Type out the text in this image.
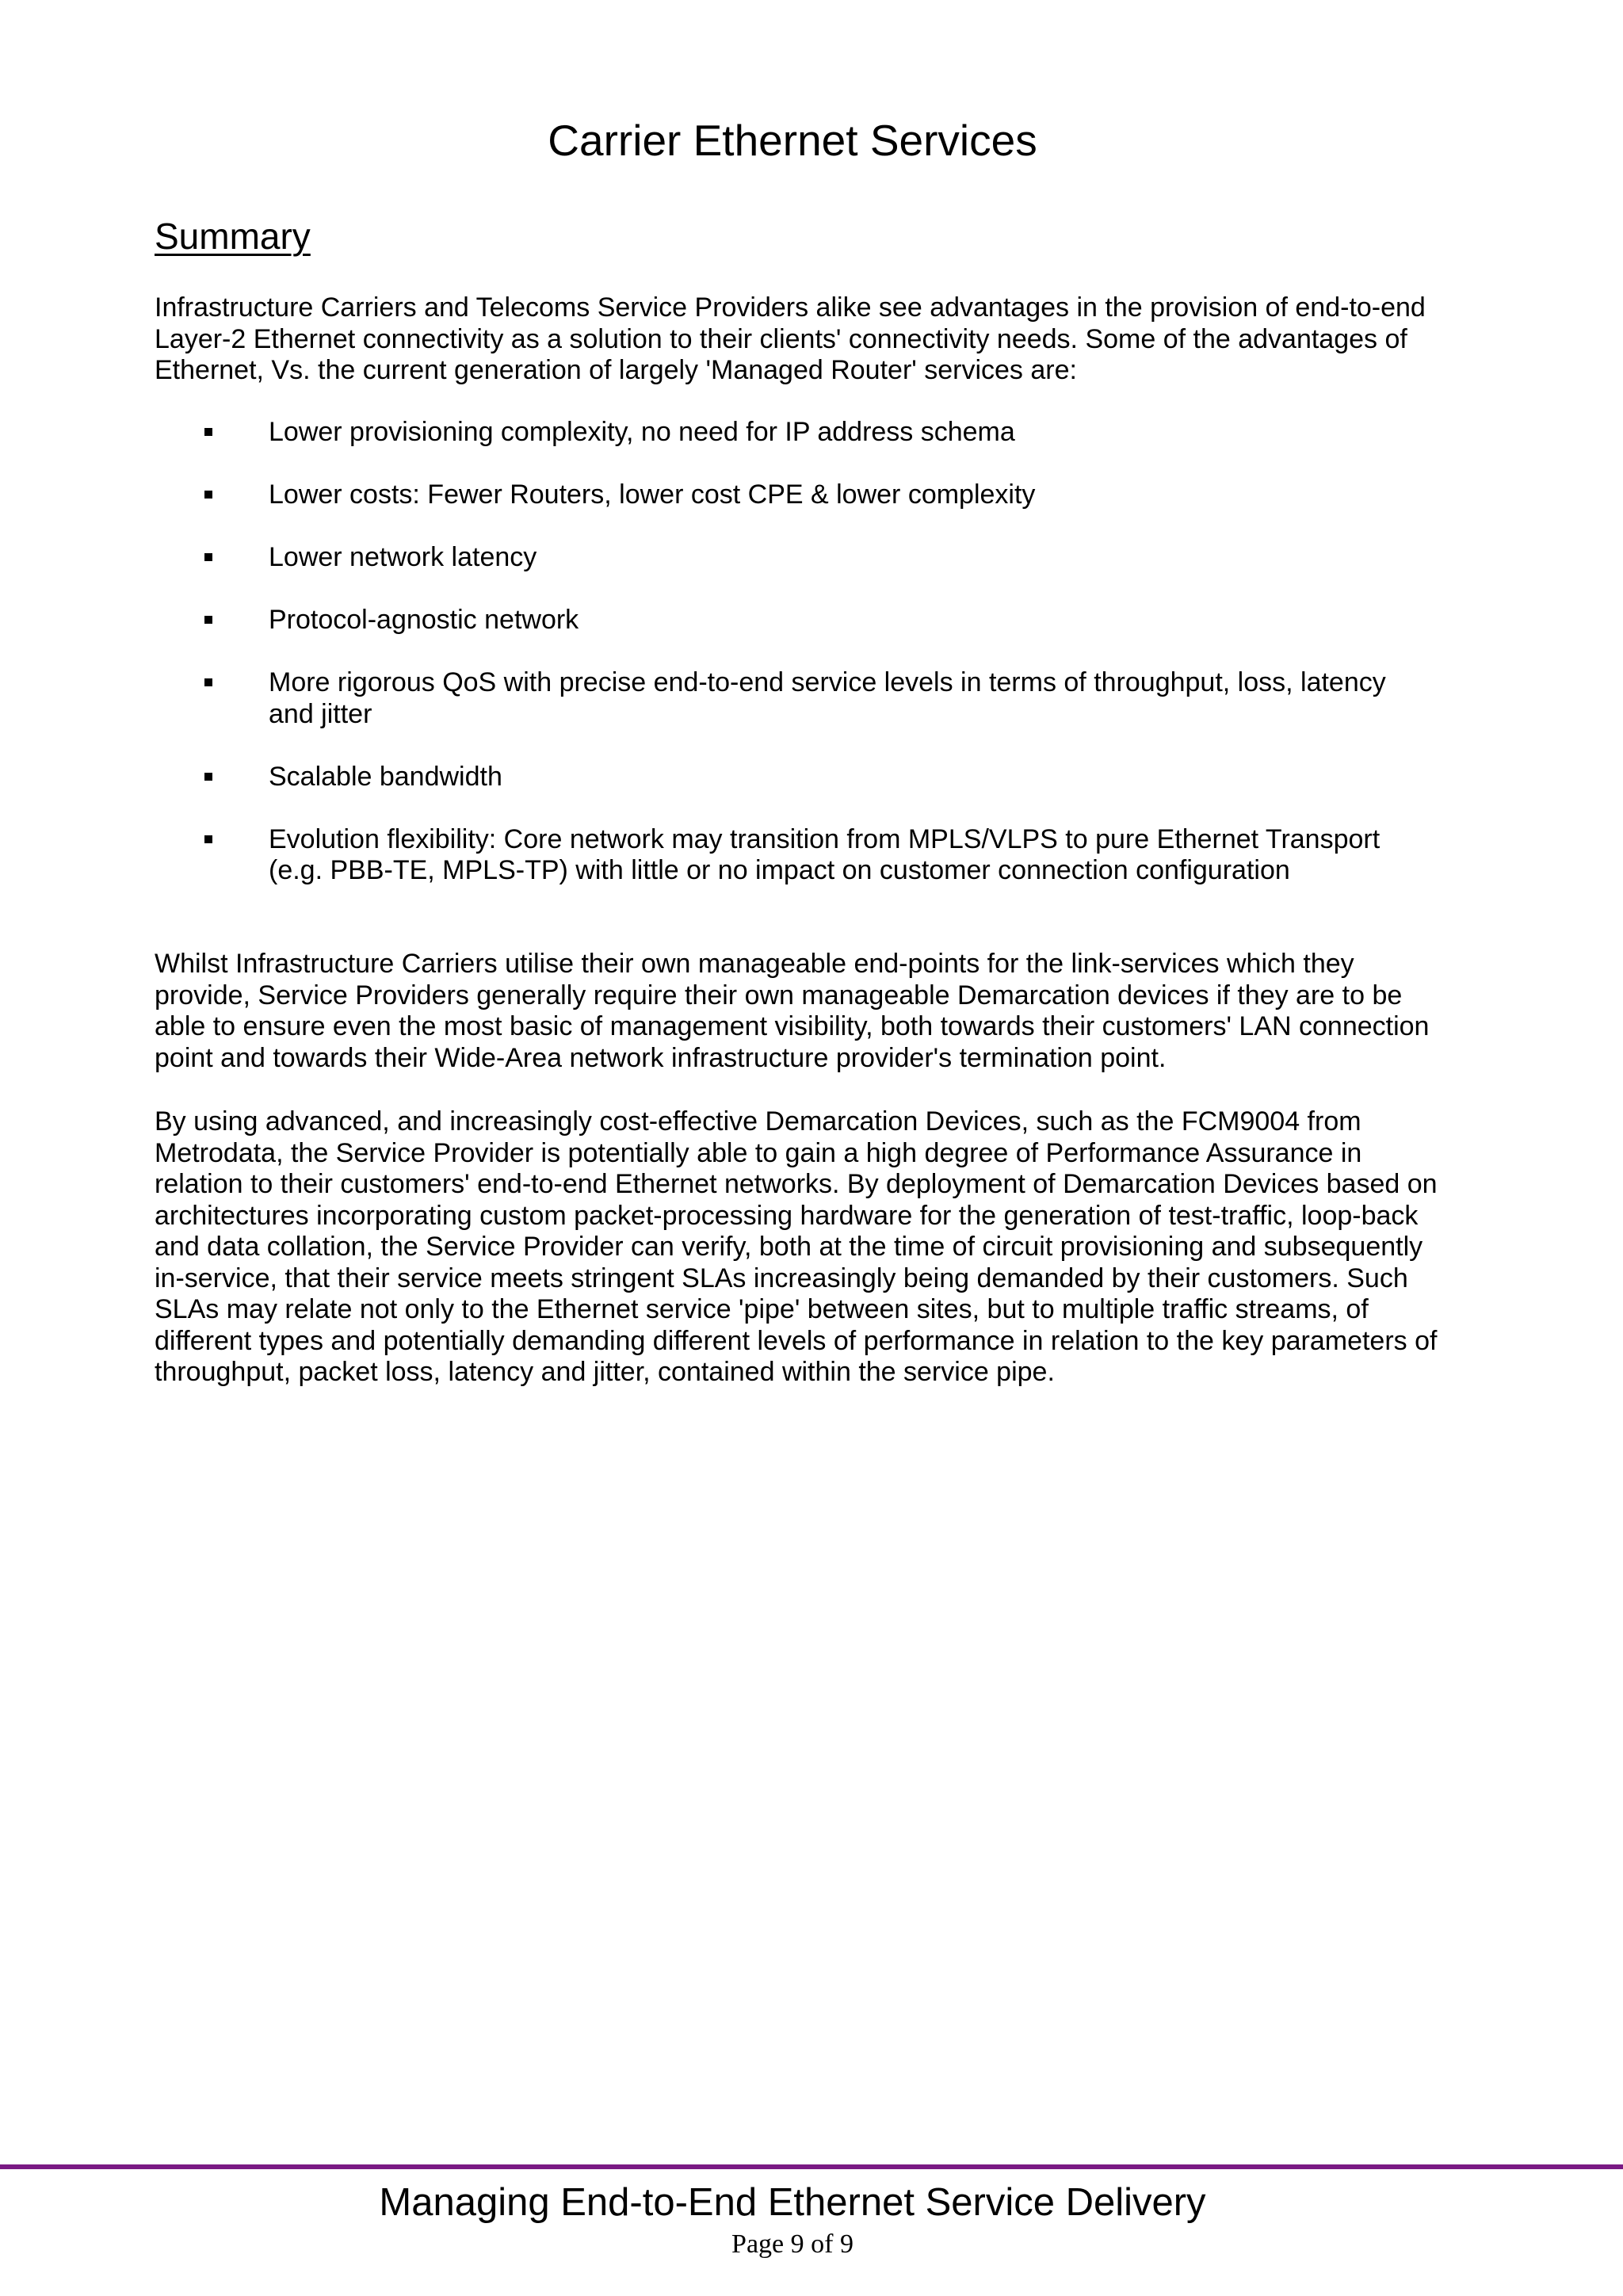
Carrier Ethernet Services
Summary

Infrastructure Carriers and Telecoms Service Providers alike see advantages in the provision of end-to-end Layer-2 Ethernet connectivity as a solution to their clients' connectivity needs. Some of the advantages of Ethernet, Vs. the current generation of largely 'Managed Router' services are:

Lower provisioning complexity, no need for IP address schema
Lower costs: Fewer Routers, lower cost CPE & lower complexity
Lower network latency
Protocol-agnostic network
More rigorous QoS with precise end-to-end service levels in terms of throughput, loss, latency and jitter
Scalable bandwidth
Evolution flexibility: Core network may transition from MPLS/VLPS to pure Ethernet Transport (e.g. PBB-TE, MPLS-TP) with little or no impact on customer connection configuration

Whilst Infrastructure Carriers utilise their own manageable end-points for the link-services which they provide, Service Providers generally require their own manageable Demarcation devices if they are to be able to ensure even the most basic of management visibility, both towards their customers' LAN connection point and towards their Wide-Area network infrastructure provider's termination point.

By using advanced, and increasingly cost-effective Demarcation Devices, such as the FCM9004 from Metrodata, the Service Provider is potentially able to gain a high degree of Performance Assurance in relation to their customers' end-to-end Ethernet networks. By deployment of Demarcation Devices based on architectures incorporating custom packet-processing hardware for the generation of test-traffic, loop-back and data collation, the Service Provider can verify, both at the time of circuit provisioning and subsequently in-service, that their service meets stringent SLAs increasingly being demanded by their customers. Such SLAs may relate not only to the Ethernet service 'pipe' between sites, but to multiple traffic streams, of different types and potentially demanding different levels of performance in relation to the key parameters of throughput, packet loss, latency and jitter, contained within the service pipe.

Managing End-to-End Ethernet Service Delivery
Page 9 of 9
